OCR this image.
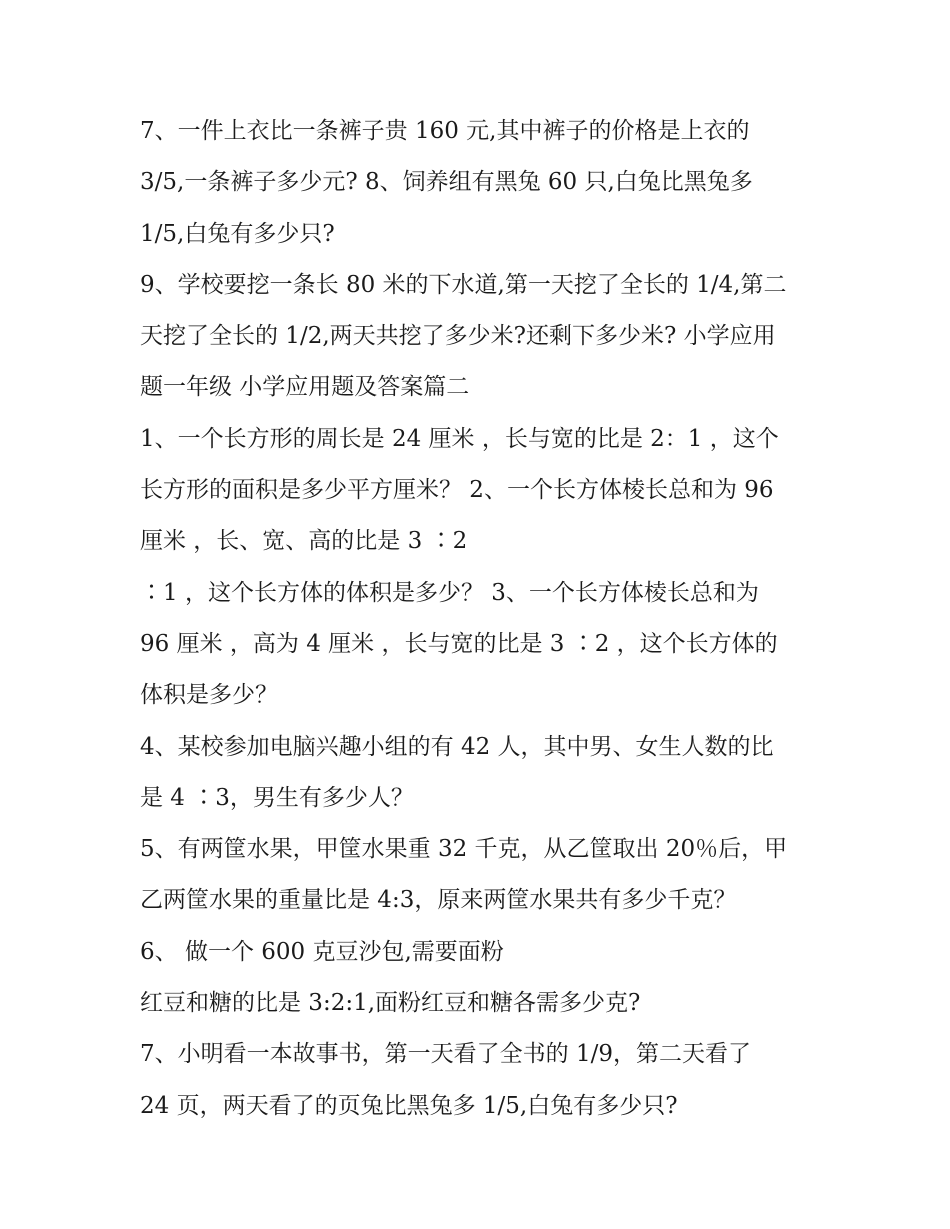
7、一件上衣比一条裤子贵 160 元,其中裤子的价格是上衣的
3/5,一条裤子多少元? 8、饲养组有黑兔 60 只,白兔比黑兔多
1/5,白兔有多少只?
9、学校要挖一条长 80 米的下水道,第一天挖了全长的 1/4,第二
天挖了全长的 1/2,两天共挖了多少米?还剩下多少米? 小学应用
题一年级 小学应用题及答案篇二
1、一个长方形的周长是 24 厘米 ，长与宽的比是 2：1 ，这个
长方形的面积是多少平方厘米？ 2、一个长方体棱长总和为 96
厘米 ，长、宽、高的比是 3 ∶2
∶1 ，这个长方体的体积是多少？ 3、一个长方体棱长总和为
96 厘米 ，高为 4 厘米 ，长与宽的比是 3 ∶2 ，这个长方体的
体积是多少？
4、某校参加电脑兴趣小组的有 42 人，其中男、女生人数的比
是 4 ∶3，男生有多少人？
5、有两筐水果，甲筐水果重 32 千克，从乙筐取出 20％后，甲
乙两筐水果的重量比是 4:3，原来两筐水果共有多少千克？
6、 做一个 600 克豆沙包,需要面粉
红豆和糖的比是 3:2:1,面粉红豆和糖各需多少克?
7、小明看一本故事书，第一天看了全书的 1/9，第二天看了
24 页，两天看了的页兔比黑兔多 1/5,白兔有多少只?
